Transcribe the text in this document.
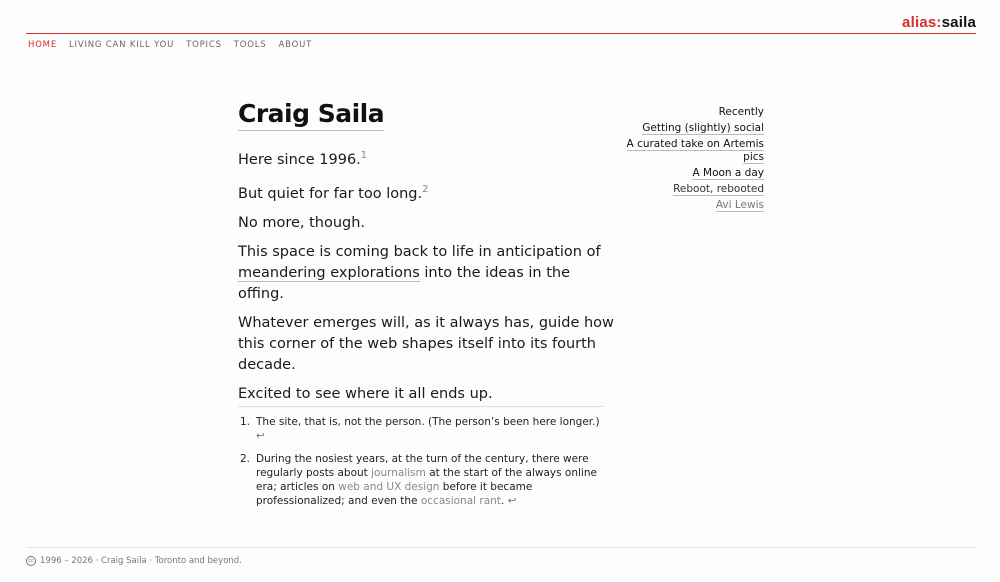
alias:saila
HOME LIVING CAN KILL YOU TOPICS TOOLS ABOUT
Craig Saila

Here since 1996.$^1$

But quiet for far too long.$^2$

No more, though.

This space is coming back to life in anticipation of meandering explorations into the ideas in the offing.

Whatever emerges will, as it always has, guide how this corner of the web shapes itself into its fourth decade.

Excited to see where it all ends up.

1. The site, that is, not the person. (The person’s been here longer.) ↩
2. During the nosiest years, at the turn of the century, there were regularly posts about journalism at the start of the always online era; articles on web and UX design before it became professionalized; and even the occasional rant. ↩
Recently
Getting (slightly) social
A curated take on Artemis pics
A Moon a day
Reboot, rebooted
Avi Lewis
cc 1996 – 2026 · Craig Saila · Toronto and beyond.
